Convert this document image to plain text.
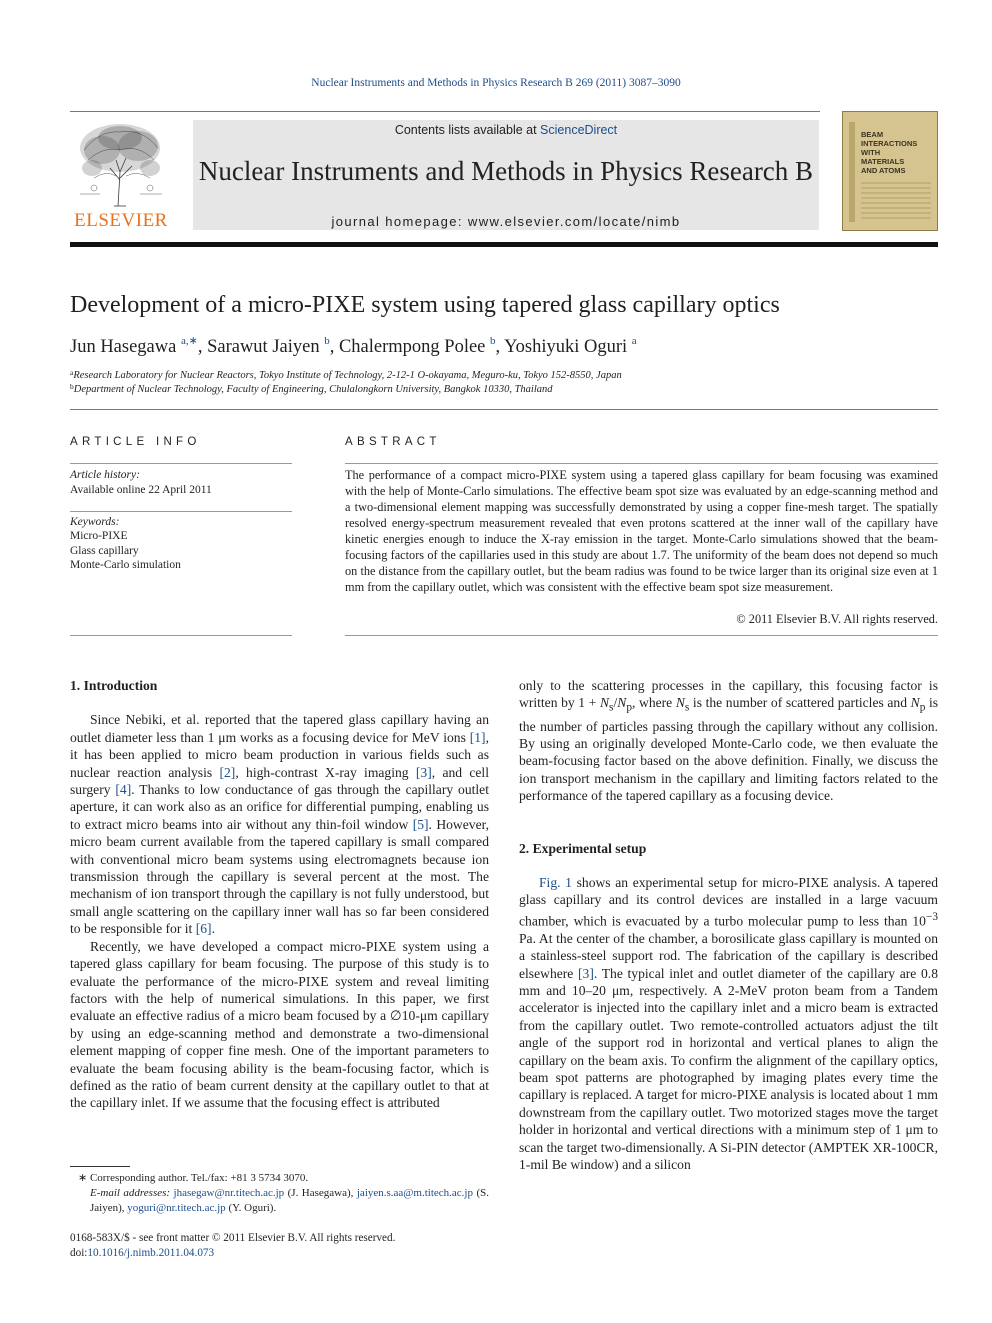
Nuclear Instruments and Methods in Physics Research B 269 (2011) 3087–3090
ELSEVIER
Contents lists available at ScienceDirect
Nuclear Instruments and Methods in Physics Research B
journal homepage: www.elsevier.com/locate/nimb
BEAM
INTERACTIONS
WITH
MATERIALS
AND ATOMS
Development of a micro-PIXE system using tapered glass capillary optics
Jun Hasegawa $^{a,∗}$, Sarawut Jaiyen $^b$, Chalermpong Polee $^b$, Yoshiyuki Oguri $^a$
$^a$Research Laboratory for Nuclear Reactors, Tokyo Institute of Technology, 2-12-1 O-okayama, Meguro-ku, Tokyo 152-8550, Japan
$^b$Department of Nuclear Technology, Faculty of Engineering, Chulalongkorn University, Bangkok 10330, Thailand
ARTICLE INFO	ABSTRACT
Article history:
Available online 22 April 2011
Keywords:
Micro-PIXE
Glass capillary
Monte-Carlo simulation
The performance of a compact micro-PIXE system using a tapered glass capillary for beam focusing was examined with the help of Monte-Carlo simulations. The effective beam spot size was evaluated by an edge-scanning method and a two-dimensional element mapping was successfully demonstrated by using a copper fine-mesh target. The spatially resolved energy-spectrum measurement revealed that even protons scattered at the inner wall of the capillary have kinetic energies enough to induce the X-ray emission in the target. Monte-Carlo simulations showed that the beam-focusing factors of the capillaries used in this study are about 1.7. The uniformity of the beam does not depend so much on the distance from the capillary outlet, but the beam radius was found to be twice larger than its original size even at 1 mm from the capillary outlet, which was consistent with the effective beam spot size measurement.
© 2011 Elsevier B.V. All rights reserved.
1. Introduction

Since Nebiki, et al. reported that the tapered glass capillary having an outlet diameter less than 1 μm works as a focusing device for MeV ions [1], it has been applied to micro beam production in various fields such as nuclear reaction analysis [2], high-contrast X-ray imaging [3], and cell surgery [4]. Thanks to low conductance of gas through the capillary outlet aperture, it can work also as an orifice for differential pumping, enabling us to extract micro beams into air without any thin-foil window [5]. However, micro beam current available from the tapered capillary is small compared with conventional micro beam systems using electromagnets because ion transmission through the capillary is several percent at the most. The mechanism of ion transport through the capillary is not fully understood, but small angle scattering on the capillary inner wall has so far been considered to be responsible for it [6].

Recently, we have developed a compact micro-PIXE system using a tapered glass capillary for beam focusing. The purpose of this study is to evaluate the performance of the micro-PIXE system and reveal limiting factors with the help of numerical simulations. In this paper, we first evaluate an effective radius of a micro beam focused by a ∅10-μm capillary by using an edge-scanning method and demonstrate a two-dimensional element mapping of copper fine mesh. One of the important parameters to evaluate the beam focusing ability is the beam-focusing factor, which is defined as the ratio of beam current density at the capillary outlet to that at the capillary inlet. If we assume that the focusing effect is attributed

only to the scattering processes in the capillary, this focusing factor is written by $1 + N_s/N_p$, where $N_s$ is the number of scattered particles and $N_p$ is the number of particles passing through the capillary without any collision. By using an originally developed Monte-Carlo code, we then evaluate the beam-focusing factor based on the above definition. Finally, we discuss the ion transport mechanism in the capillary and limiting factors related to the performance of the tapered capillary as a focusing device.

2. Experimental setup

Fig. 1 shows an experimental setup for micro-PIXE analysis. A tapered glass capillary and its control devices are installed in a large vacuum chamber, which is evacuated by a turbo molecular pump to less than $10^{-3}$ Pa. At the center of the chamber, a borosilicate glass capillary is mounted on a stainless-steel support rod. The fabrication of the capillary is described elsewhere [3]. The typical inlet and outlet diameter of the capillary are 0.8 mm and 10–20 μm, respectively. A 2-MeV proton beam from a Tandem accelerator is injected into the capillary inlet and a micro beam is extracted from the capillary outlet. Two remote-controlled actuators adjust the tilt angle of the support rod in horizontal and vertical planes to align the capillary on the beam axis. To confirm the alignment of the capillary optics, beam spot patterns are photographed by imaging plates every time the capillary is replaced. A target for micro-PIXE analysis is located about 1 mm downstream from the capillary outlet. Two motorized stages move the target holder in horizontal and vertical directions with a minimum step of 1 μm to scan the target two-dimensionally. A Si-PIN detector (AMPTEK XR-100CR, 1-mil Be window) and a silicon

∗ Corresponding author. Tel./fax: +81 3 5734 3070.
E-mail addresses: jhasegaw@nr.titech.ac.jp (J. Hasegawa), jaiyen.s.aa@m.titech.ac.jp (S. Jaiyen), yoguri@nr.titech.ac.jp (Y. Oguri).
0168-583X/$ - see front matter © 2011 Elsevier B.V. All rights reserved.
doi:10.1016/j.nimb.2011.04.073
